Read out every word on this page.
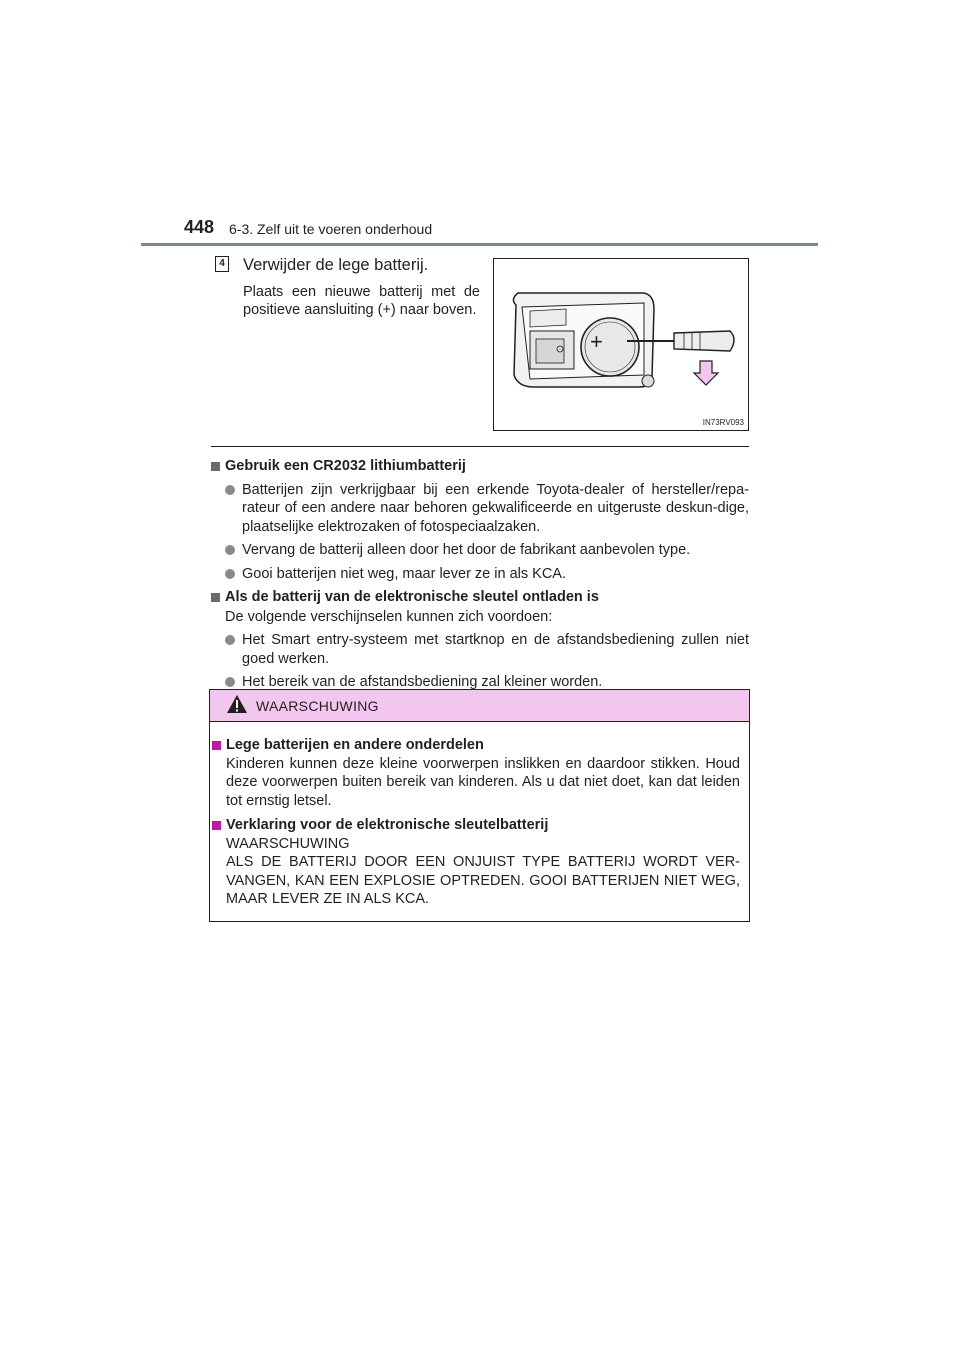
448 6-3. Zelf uit te voeren onderhoud
4 Verwijder de lege batterij.
Plaats een nieuwe batterij met de positieve aansluiting (+) naar boven.
+
IN73RV093
Gebruik een CR2032 lithiumbatterij
Batterijen zijn verkrijgbaar bij een erkende Toyota-dealer of hersteller/repa-rateur of een andere naar behoren gekwalificeerde en uitgeruste deskun-dige, plaatselijke elektrozaken of fotospeciaalzaken.
Vervang de batterij alleen door het door de fabrikant aanbevolen type.
Gooi batterijen niet weg, maar lever ze in als KCA.
Als de batterij van de elektronische sleutel ontladen is
De volgende verschijnselen kunnen zich voordoen:
Het Smart entry-systeem met startknop en de afstandsbediening zullen niet goed werken.
Het bereik van de afstandsbediening zal kleiner worden.
WAARSCHUWING
Lege batterijen en andere onderdelen
Kinderen kunnen deze kleine voorwerpen inslikken en daardoor stikken. Houd deze voorwerpen buiten bereik van kinderen. Als u dat niet doet, kan dat leiden tot ernstig letsel.
Verklaring voor de elektronische sleutelbatterij
WAARSCHUWING
ALS DE BATTERIJ DOOR EEN ONJUIST TYPE BATTERIJ WORDT VER-VANGEN, KAN EEN EXPLOSIE OPTREDEN. GOOI BATTERIJEN NIET WEG, MAAR LEVER ZE IN ALS KCA.
